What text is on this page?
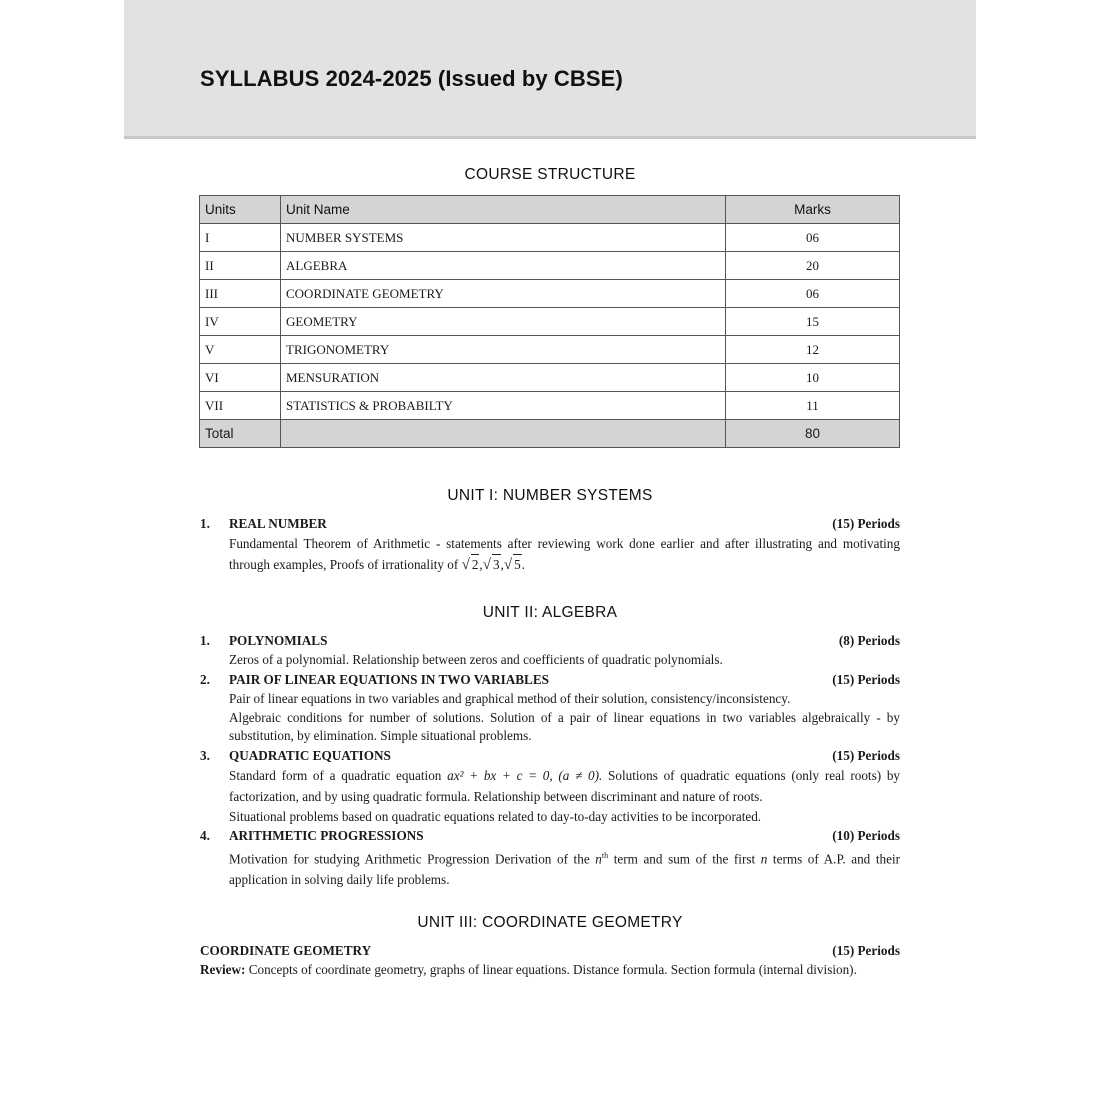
SYLLABUS 2024-2025 (Issued by CBSE)
COURSE STRUCTURE
Units	Unit Name	Marks
I	NUMBER SYSTEMS	06
II	ALGEBRA	20
III	COORDINATE GEOMETRY	06
IV	GEOMETRY	15
V	TRIGONOMETRY	12
VI	MENSURATION	10
VII	STATISTICS & PROBABILTY	11
Total		80
UNIT I: NUMBER SYSTEMS
1. REAL NUMBER	(15) Periods
Fundamental Theorem of Arithmetic - statements after reviewing work done earlier and after illustrating and motivating through examples, Proofs of irrationality of √ 2,√ 3,√ 5.
UNIT II: ALGEBRA
1. POLYNOMIALS	(8) Periods
Zeros of a polynomial. Relationship between zeros and coefficients of quadratic polynomials.
2. PAIR OF LINEAR EQUATIONS IN TWO VARIABLES	(15) Periods
Pair of linear equations in two variables and graphical method of their solution, consistency/inconsistency.
Algebraic conditions for number of solutions. Solution of a pair of linear equations in two variables algebraically - by substitution, by elimination. Simple situational problems.
3. QUADRATIC EQUATIONS	(15) Periods
Standard form of a quadratic equation ax² + bx + c = 0, (a ≠ 0). Solutions of quadratic equations (only real roots) by factorization, and by using quadratic formula. Relationship between discriminant and nature of roots.
Situational problems based on quadratic equations related to day-to-day activities to be incorporated.
4. ARITHMETIC PROGRESSIONS	(10) Periods
Motivation for studying Arithmetic Progression Derivation of the $n^{th}$ term and sum of the first n terms of A.P. and their application in solving daily life problems.
UNIT III: COORDINATE GEOMETRY
COORDINATE GEOMETRY	(15) Periods
Review: Concepts of coordinate geometry, graphs of linear equations. Distance formula. Section formula (internal division).
